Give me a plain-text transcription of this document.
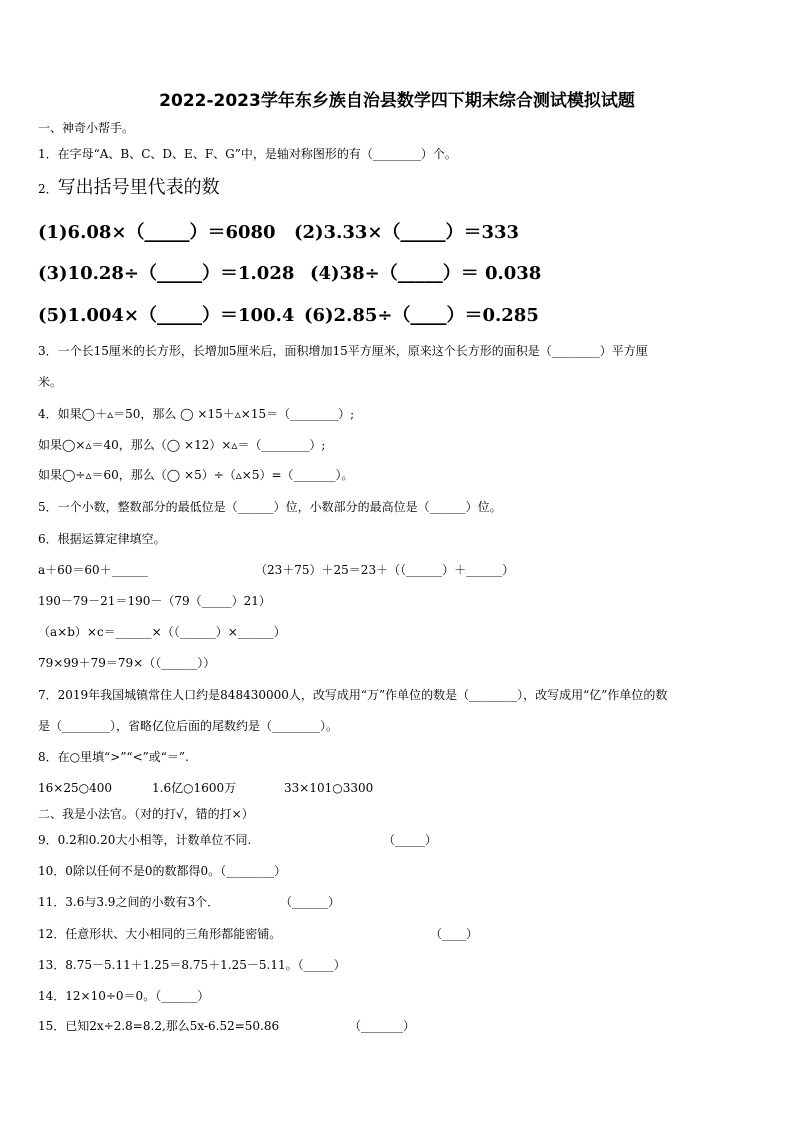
2022-2023学年东乡族自治县数学四下期末综合测试模拟试题
一、神奇小帮手。
1．在字母“A、B、C、D、E、F、G”中，是轴对称图形的有（________）个。
2．写出括号里代表的数
(1)6.08×（_____）＝6080 (2)3.33×（_____）＝333
(3)10.28÷（_____）＝1.028 (4)38÷（_____）＝ 0.038
(5)1.004×（_____）＝100.4 (6)2.85÷（____）＝0.285
3．一个长15厘米的长方形，长增加5厘米后，面积增加15平方厘米，原来这个长方形的面积是（________）平方厘
米。
4．如果◯＋▵＝50，那么 ◯ ×15＋▵×15＝（________）;
如果◯×▵＝40，那么（◯ ×12）×▵＝（________）;
如果◯÷▵＝60，那么（◯ ×5）÷（▵×5）=（_______）。
5．一个小数，整数部分的最低位是（______）位，小数部分的最高位是（______）位。
6．根据运算定律填空。
a＋60＝60＋______	（23＋75）＋25＝23＋（（______）＋______）
190－79－21＝190－（79（_____）21）
（a×b）×c＝______×（（______）×______）
79×99＋79＝79×（（______））
7．2019年我国城镇常住人口约是848430000人，改写成用“万”作单位的数是（________），改写成用“亿”作单位的数
是（________），省略亿位后面的尾数约是（________）。
8．在○里填“>”“<”或“＝”.
16×25○400	1.6亿○1600万	33×101○3300
二、我是小法官。（对的打√，错的打×）
9．0.2和0.20大小相等，计数单位不同.	（_____）
10．0除以任何不是0的数都得0。（________）
11．3.6与3.9之间的小数有3个．	（______）
12．任意形状、大小相同的三角形都能密铺。	（____）
13．8.75－5.11＋1.25＝8.75＋1.25－5.11。（_____）
14．12×10÷0＝0。（______）
15．已知2x÷2.8=8.2,那么5x-6.52=50.86	（_______）
